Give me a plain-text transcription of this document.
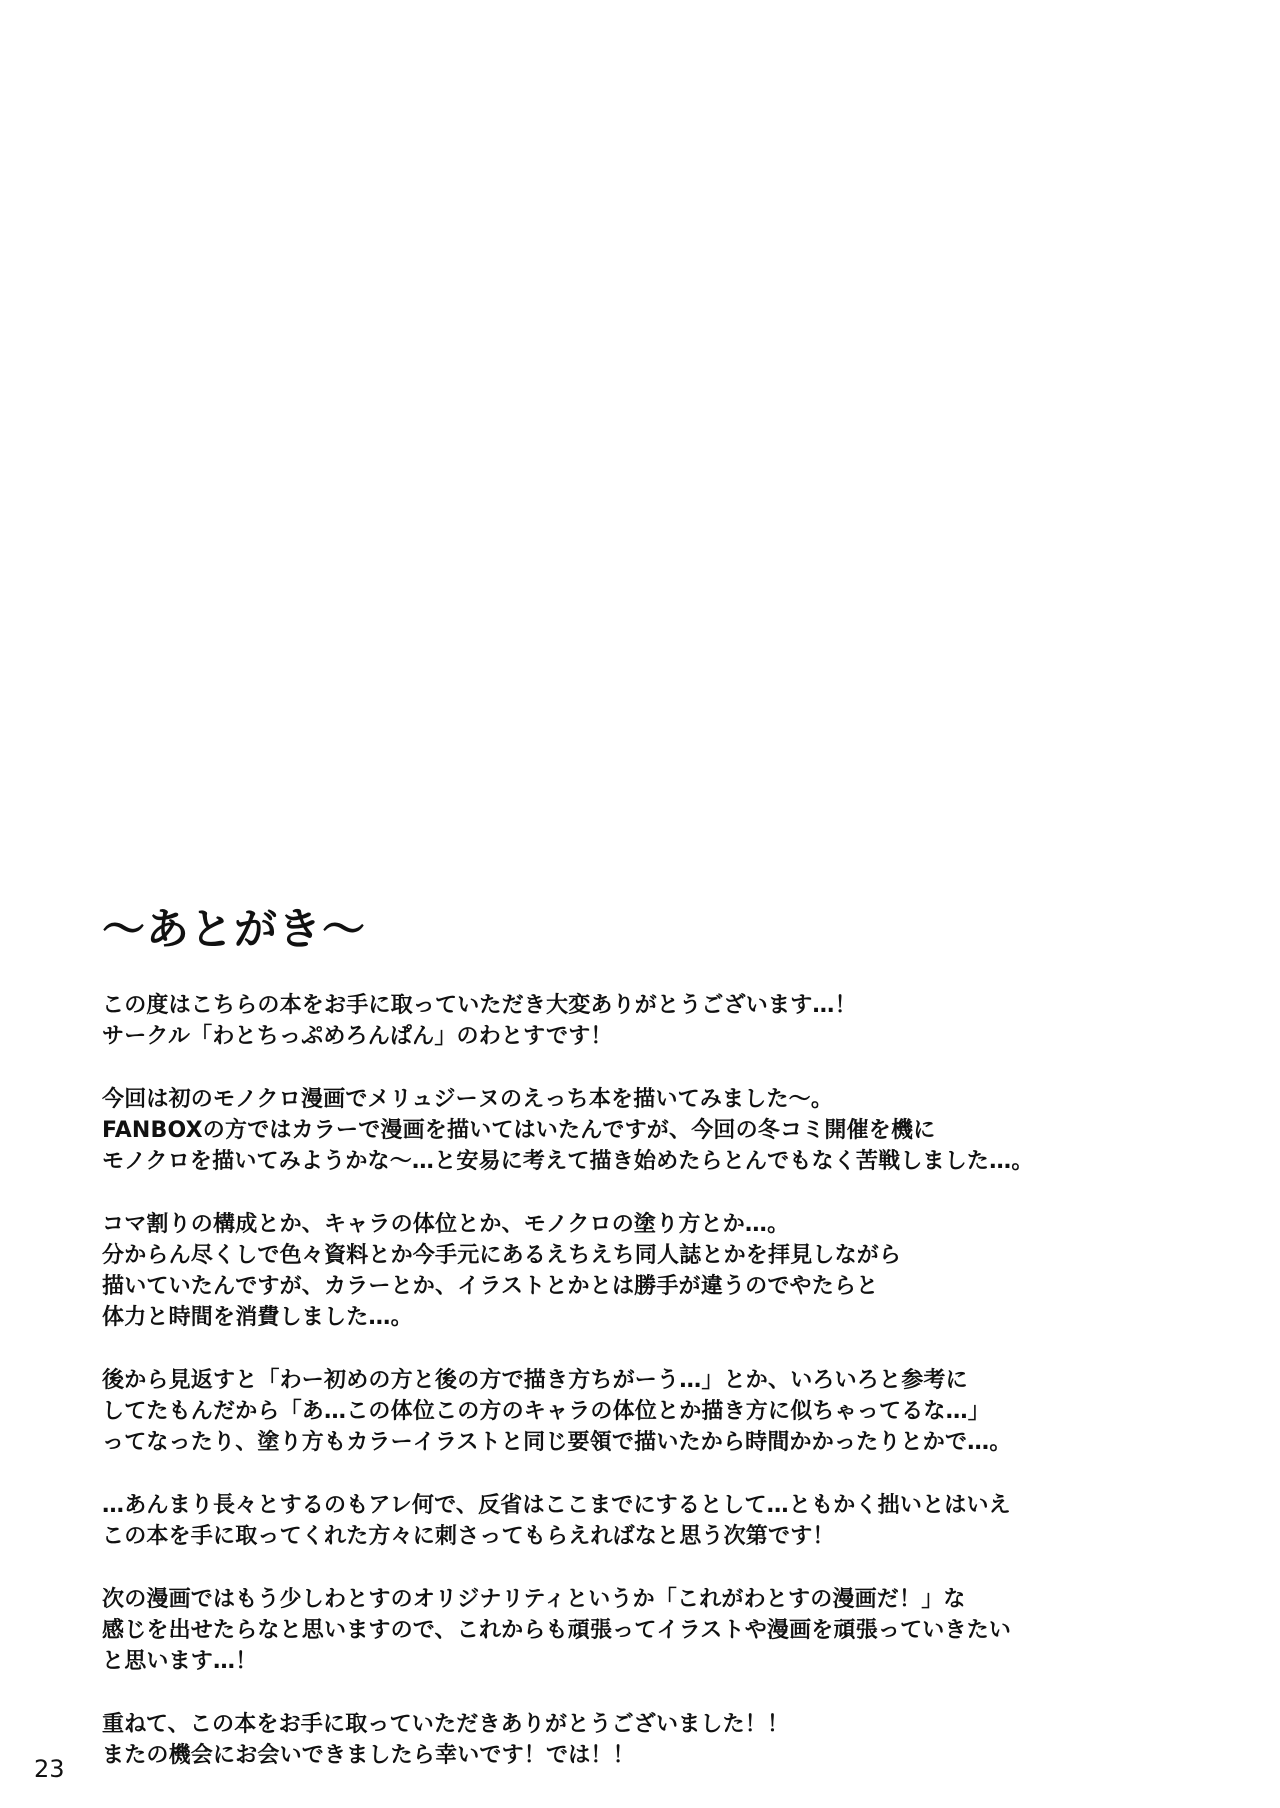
〜あとがき〜
この度はこちらの本をお手に取っていただき大変ありがとうございます…！
サークル「わとちっぷめろんぱん」のわとすです！
今回は初のモノクロ漫画でメリュジーヌのえっち本を描いてみました〜。
FANBOXの方ではカラーで漫画を描いてはいたんですが、今回の冬コミ開催を機に
モノクロを描いてみようかな〜…と安易に考えて描き始めたらとんでもなく苦戦しました…。
コマ割りの構成とか、キャラの体位とか、モノクロの塗り方とか…。
分からん尽くしで色々資料とか今手元にあるえちえち同人誌とかを拝見しながら
描いていたんですが、カラーとか、イラストとかとは勝手が違うのでやたらと
体力と時間を消費しました…。
後から見返すと「わー初めの方と後の方で描き方ちがーう…」とか、いろいろと参考に
してたもんだから「あ…この体位この方のキャラの体位とか描き方に似ちゃってるな…」
ってなったり、塗り方もカラーイラストと同じ要領で描いたから時間かかったりとかで…。
…あんまり長々とするのもアレ何で、反省はここまでにするとして…ともかく拙いとはいえ
この本を手に取ってくれた方々に刺さってもらえればなと思う次第です！
次の漫画ではもう少しわとすのオリジナリティというか「これがわとすの漫画だ！」な
感じを出せたらなと思いますので、これからも頑張ってイラストや漫画を頑張っていきたい
と思います…！
重ねて、この本をお手に取っていただきありがとうございました！！
またの機会にお会いできましたら幸いです！では！！
23
